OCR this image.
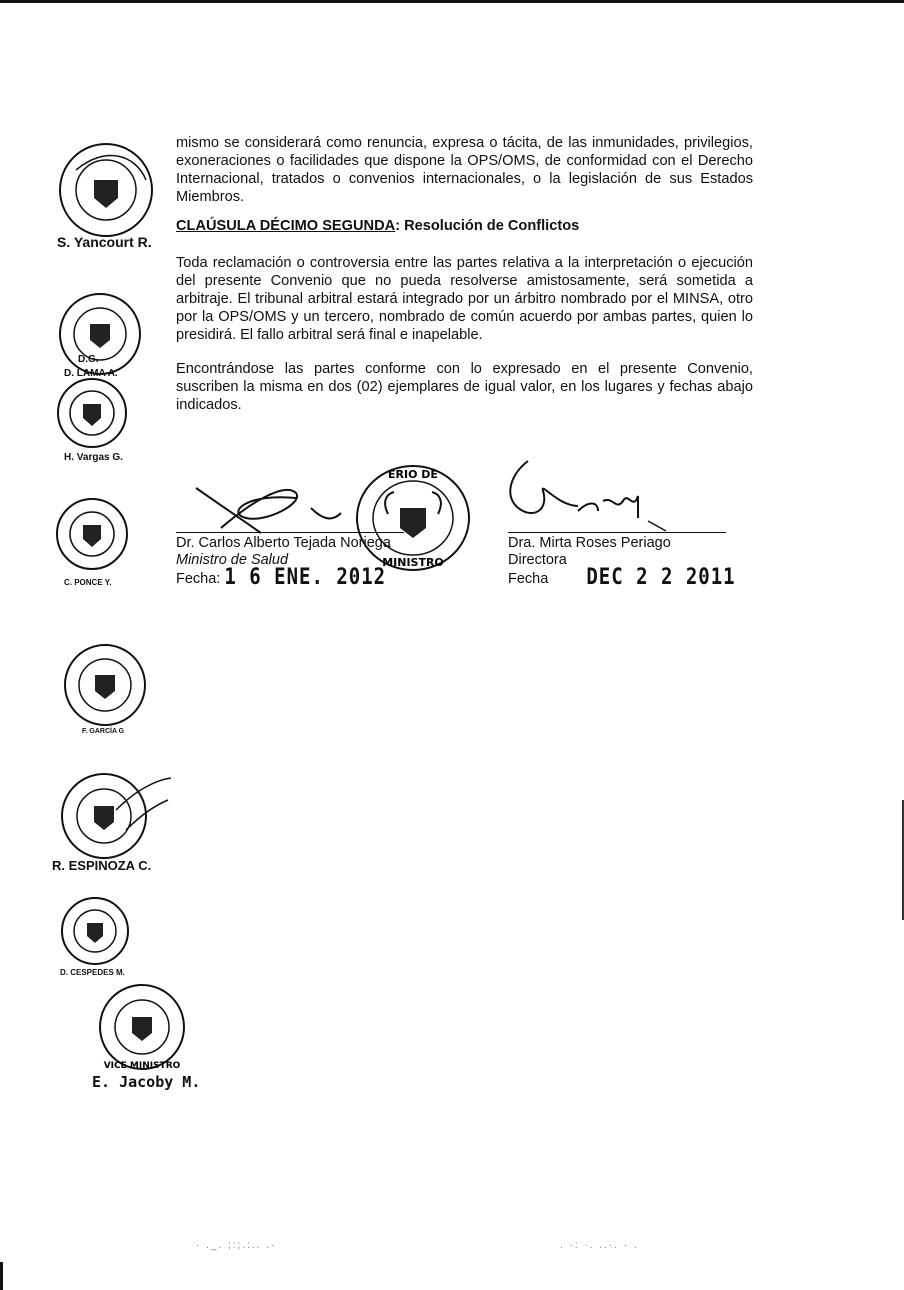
mismo se considerará como renuncia, expresa o tácita, de las inmunidades, privilegios, exoneraciones o facilidades que dispone la OPS/OMS, de conformidad con el Derecho Internacional, tratados o convenios internacionales, o la legislación de sus Estados Miembros.

CLAÚSULA DÉCIMO SEGUNDA: Resolución de Conflictos

Toda reclamación o controversia entre las partes relativa a la interpretación o ejecución del presente Convenio que no pueda resolverse amistosamente, será sometida a arbitraje. El tribunal arbitral estará integrado por un árbitro nombrado por el MINSA, otro por la OPS/OMS y un tercero, nombrado de común acuerdo por ambas partes, quien lo presidirá. El fallo arbitral será final e inapelable.

Encontrándose las partes conforme con lo expresado en el presente Convenio, suscriben la misma en dos (02) ejemplares de igual valor, en los lugares y fechas abajo indicados.

ERIO DE
MINISTRO
Dr. Carlos Alberto Tejada Noriega
Ministro de Salud
Fecha: 1 6 ENE. 2012
Dra. Mirta Roses Periago
Directora
Fecha DEC 2 2 2011
S. Yancourt R.
D.G.
D. LAMA A.
H. Vargas G.
C. PONCE Y.
F. GARCÍA G
R. ESPINOZA C.
D. CESPEDES M.
VICE MINISTRO
E. Jacoby M.
· ._. ;:;.:.. .·	. ·: ·. ..·. · .
